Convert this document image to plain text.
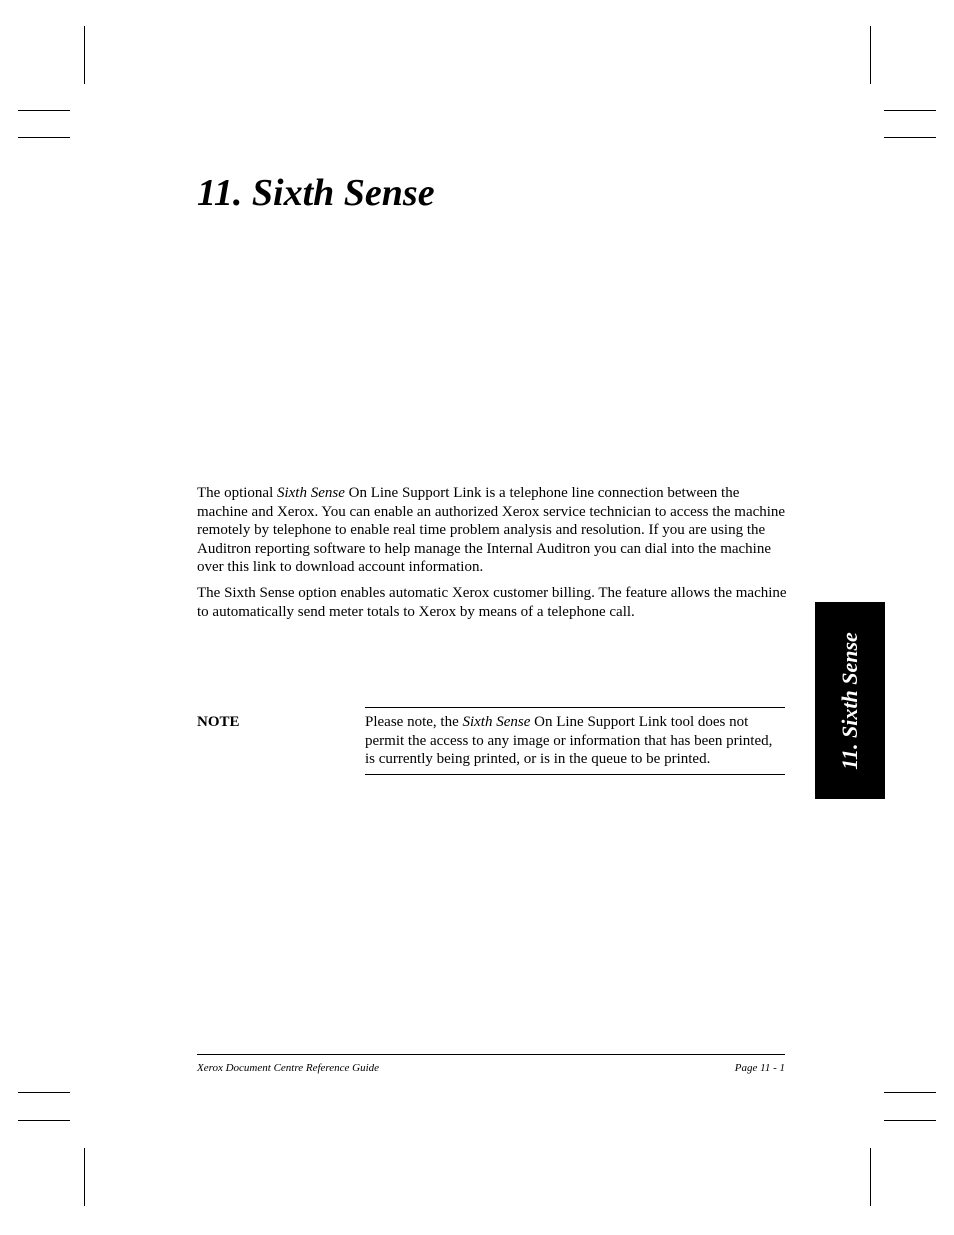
11. Sixth Sense

The optional Sixth Sense On Line Support Link is a telephone line connection between the machine and Xerox. You can enable an authorized Xerox service technician to access the machine remotely by telephone to enable real time problem analysis and resolution. If you are using the Auditron reporting software to help manage the Internal Auditron you can dial into the machine over this link to download account information.

The Sixth Sense option enables automatic Xerox customer billing. The feature allows the machine to automatically send meter totals to Xerox by means of a telephone call.

NOTE	Please note, the Sixth Sense On Line Support Link tool does not permit the access to any image or information that has been printed, is currently being printed, or is in the queue to be printed.	11. Sixth Sense
Xerox Document Centre Reference Guide	Page 11 - 1
